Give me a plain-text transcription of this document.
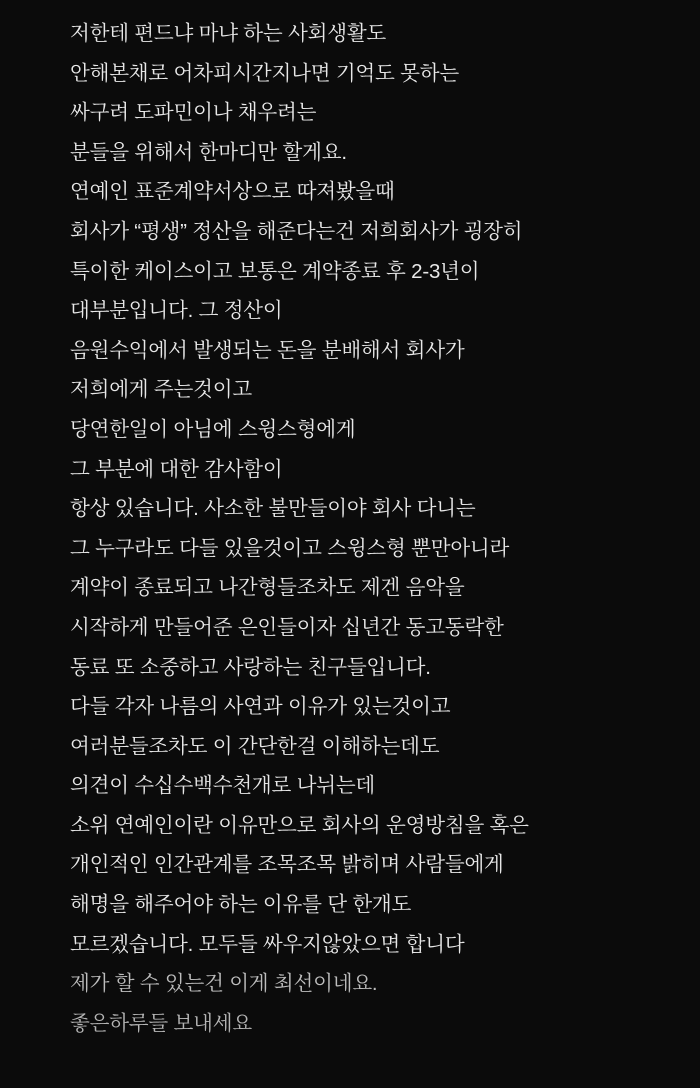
저한테 편드냐 마냐 하는 사회생활도
안해본채로 어차피시간지나면 기억도 못하는
싸구려 도파민이나 채우려는
분들을 위해서 한마디만 할게요.
연예인 표준계약서상으로 따져봤을때
회사가 “평생” 정산을 해준다는건 저희회사가 굉장히
특이한 케이스이고 보통은 계약종료 후 2-3년이
대부분입니다. 그 정산이
음원수익에서 발생되는 돈을 분배해서 회사가
저희에게 주는것이고
당연한일이 아님에 스윙스형에게
그 부분에 대한 감사함이
항상 있습니다. 사소한 불만들이야 회사 다니는
그 누구라도 다들 있을것이고 스윙스형 뿐만아니라
계약이 종료되고 나간형들조차도 제겐 음악을
시작하게 만들어준 은인들이자 십년간 동고동락한
동료 또 소중하고 사랑하는 친구들입니다.
다들 각자 나름의 사연과 이유가 있는것이고
여러분들조차도 이 간단한걸 이해하는데도
의견이 수십수백수천개로 나뉘는데
소위 연예인이란 이유만으로 회사의 운영방침을 혹은
개인적인 인간관계를 조목조목 밝히며 사람들에게
해명을 해주어야 하는 이유를 단 한개도
모르겠습니다. 모두들 싸우지않았으면 합니다
제가 할 수 있는건 이게 최선이네요.
좋은하루들 보내세요
